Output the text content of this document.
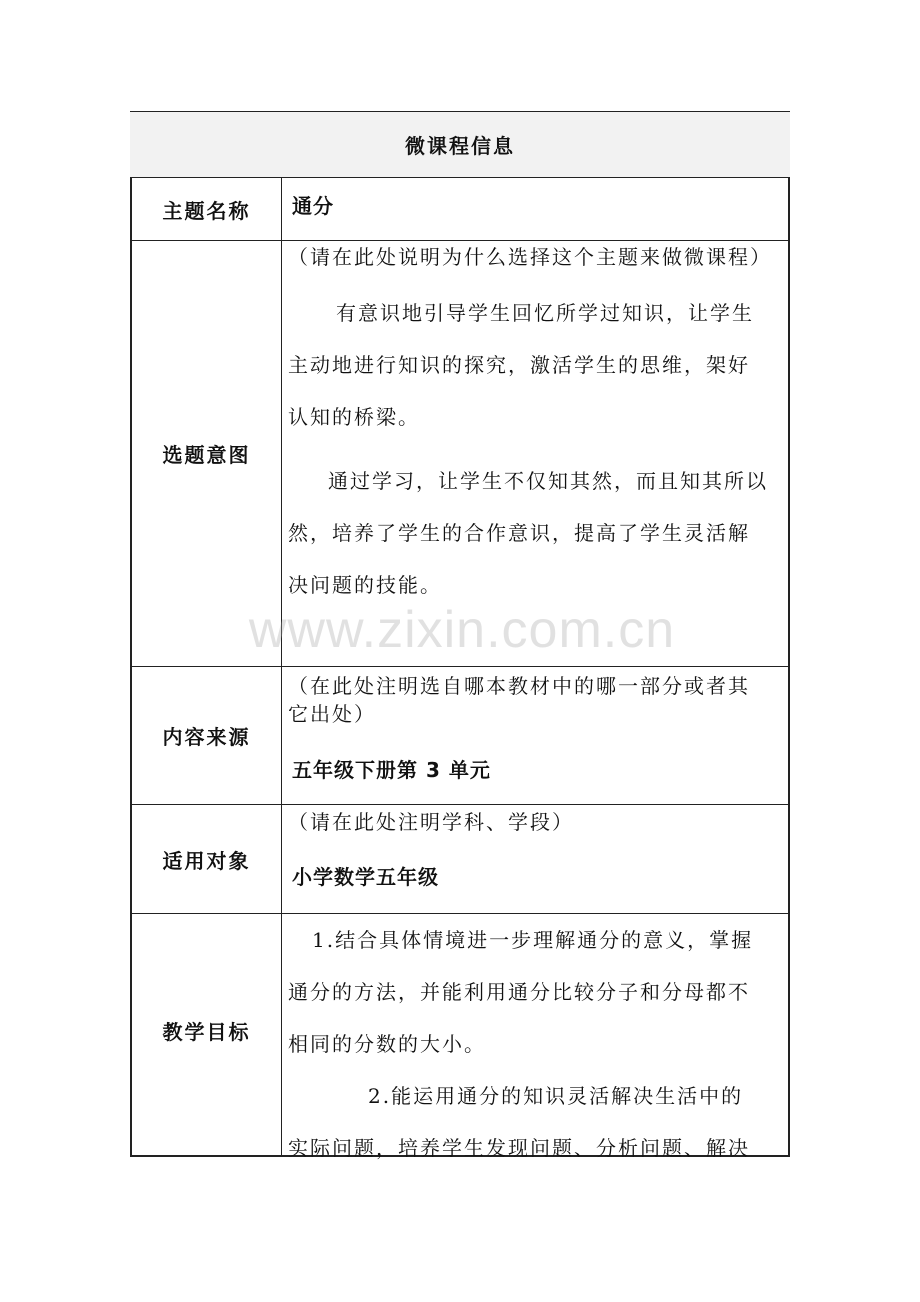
微课程信息
主题名称	通分
选题意图
（请在此处说明为什么选择这个主题来做微课程）

有意识地引导学生回忆所学过知识，让学生

主动地进行知识的探究，激活学生的思维，架好

认知的桥梁。

通过学习，让学生不仅知其然，而且知其所以

然，培养了学生的合作意识，提高了学生灵活解

决问题的技能。

www.zixin.com.cn
内容来源
（在此处注明选自哪本教材中的哪一部分或者其
它出处）
五年级下册第 3 单元
适用对象
（请在此处注明学科、学段）
小学数学五年级
教学目标

1.结合具体情境进一步理解通分的意义，掌握

通分的方法，并能利用通分比较分子和分母都不

相同的分数的大小。

2.能运用通分的知识灵活解决生活中的

实际问题，培养学生发现问题、分析问题、解决
